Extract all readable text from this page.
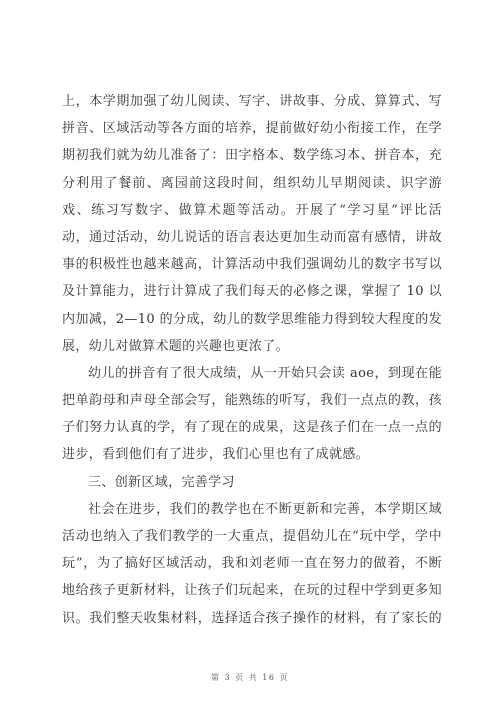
上，本学期加强了幼儿阅读、写字、讲故事、分成、算算式、写
拼音、区域活动等各方面的培养，提前做好幼小衔接工作，在学
期初我们就为幼儿准备了：田字格本、数学练习本、拼音本，充
分利用了餐前、离园前这段时间，组织幼儿早期阅读、识字游
戏、练习写数字、做算术题等活动。开展了“学习星”评比活
动，通过活动，幼儿说话的语言表达更加生动而富有感情，讲故
事的积极性也越来越高，计算活动中我们强调幼儿的数字书写以
及计算能力，进行计算成了我们每天的必修之课，掌握了 10 以
内加减，2—10 的分成，幼儿的数学思维能力得到较大程度的发
展，幼儿对做算术题的兴趣也更浓了。
幼儿的拼音有了很大成绩，从一开始只会读 aoe，到现在能
把单韵母和声母全部会写，能熟练的听写，我们一点点的教，孩
子们努力认真的学，有了现在的成果，这是孩子们在一点一点的
进步，看到他们有了进步，我们心里也有了成就感。
三、创新区域，完善学习
社会在进步，我们的教学也在不断更新和完善，本学期区域
活动也纳入了我们教学的一大重点，提倡幼儿在“玩中学，学中
玩”，为了搞好区域活动，我和刘老师一直在努力的做着，不断
地给孩子更新材料，让孩子们玩起来，在玩的过程中学到更多知
识。我们整天收集材料，选择适合孩子操作的材料，有了家长的
第 3 页 共 16 页
